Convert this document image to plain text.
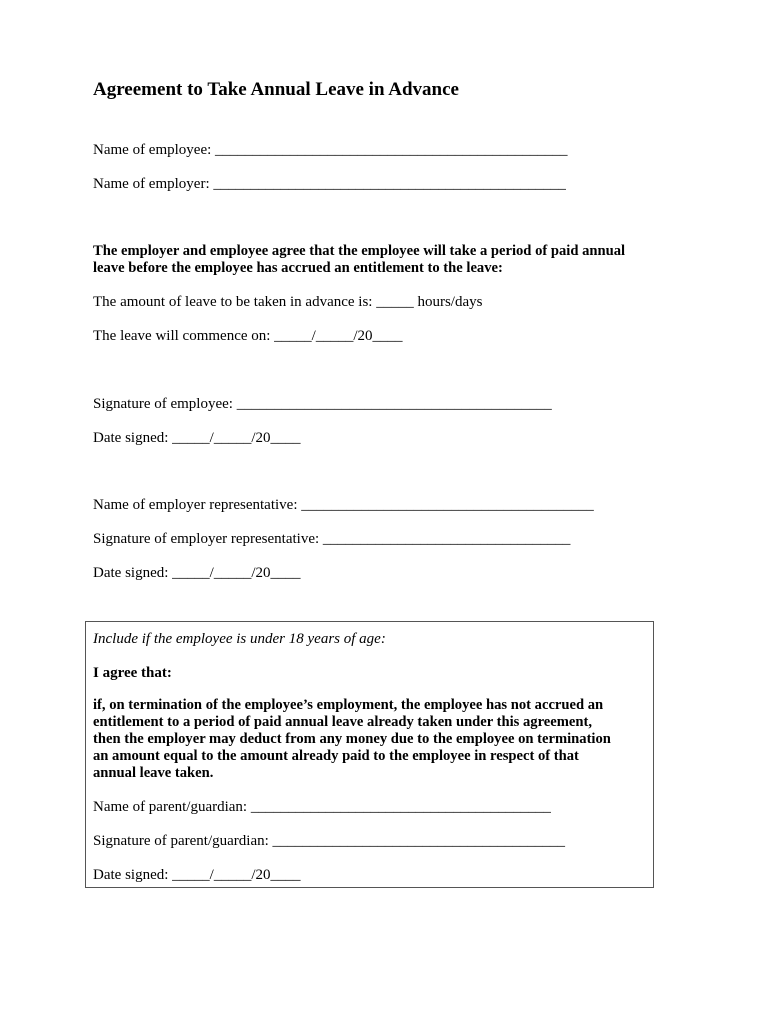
Agreement to Take Annual Leave in Advance

Name of employee: _______________________________________________

Name of employer: _______________________________________________

The employer and employee agree that the employee will take a period of paid annual

leave before the employee has accrued an entitlement to the leave:

The amount of leave to be taken in advance is: _____ hours/days

The leave will commence on: _____/_____/20____

Signature of employee: __________________________________________

Date signed: _____/_____/20____

Name of employer representative: _______________________________________

Signature of employer representative: _________________________________

Date signed: _____/_____/20____

Include if the employee is under 18 years of age:

I agree that:

if, on termination of the employee’s employment, the employee has not accrued an

entitlement to a period of paid annual leave already taken under this agreement,

then the employer may deduct from any money due to the employee on termination

an amount equal to the amount already paid to the employee in respect of that

annual leave taken.

Name of parent/guardian: ________________________________________

Signature of parent/guardian: _______________________________________

Date signed: _____/_____/20____
